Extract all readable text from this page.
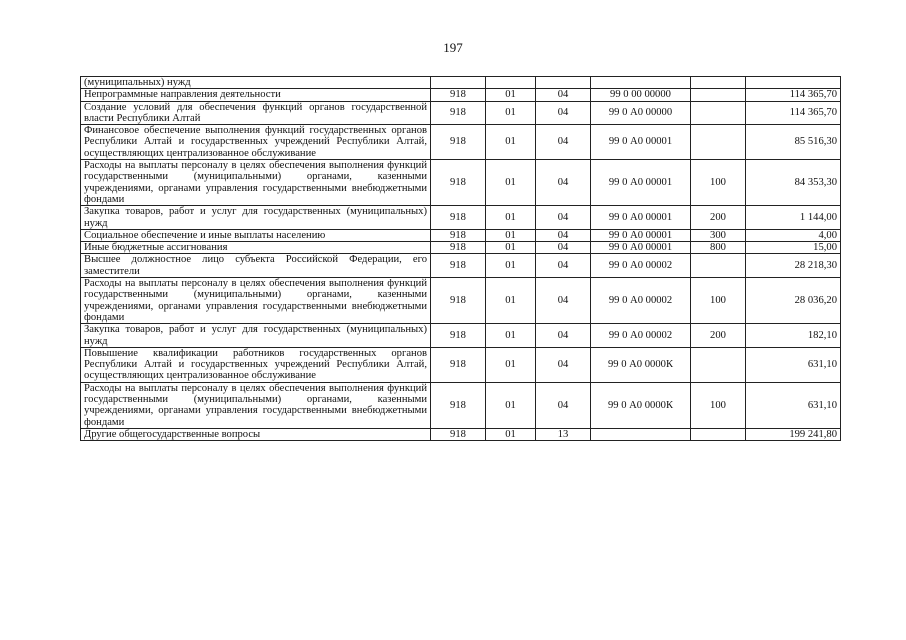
197
(муниципальных) нужд						
Непрограммные направления деятельности	918	01	04	99 0 00 00000		114 365,70
Создание условий для обеспечения функций органов государственной власти Республики Алтай	918	01	04	99 0 А0 00000		114 365,70
Финансовое обеспечение выполнения функций государственных органов Республики Алтай и государственных учреждений Республики Алтай, осуществляющих централизованное обслуживание	918	01	04	99 0 А0 00001		85 516,30
Расходы на выплаты персоналу в целях обеспечения выполнения функций государственными (муниципальными) органами, казенными учреждениями, органами управления государственными внебюджетными фондами	918	01	04	99 0 А0 00001	100	84 353,30
Закупка товаров, работ и услуг для государственных (муниципальных) нужд	918	01	04	99 0 А0 00001	200	1 144,00
Социальное обеспечение и иные выплаты населению	918	01	04	99 0 А0 00001	300	4,00
Иные бюджетные ассигнования	918	01	04	99 0 А0 00001	800	15,00
Высшее должностное лицо субъекта Российской Федерации, его заместители	918	01	04	99 0 А0 00002		28 218,30
Расходы на выплаты персоналу в целях обеспечения выполнения функций государственными (муниципальными) органами, казенными учреждениями, органами управления государственными внебюджетными фондами	918	01	04	99 0 А0 00002	100	28 036,20
Закупка товаров, работ и услуг для государственных (муниципальных) нужд	918	01	04	99 0 А0 00002	200	182,10
Повышение квалификации работников государственных органов Республики Алтай и государственных учреждений Республики Алтай, осуществляющих централизованное обслуживание	918	01	04	99 0 А0 0000К		631,10
Расходы на выплаты персоналу в целях обеспечения выполнения функций государственными (муниципальными) органами, казенными учреждениями, органами управления государственными внебюджетными фондами	918	01	04	99 0 А0 0000К	100	631,10
Другие общегосударственные вопросы	918	01	13			199 241,80
